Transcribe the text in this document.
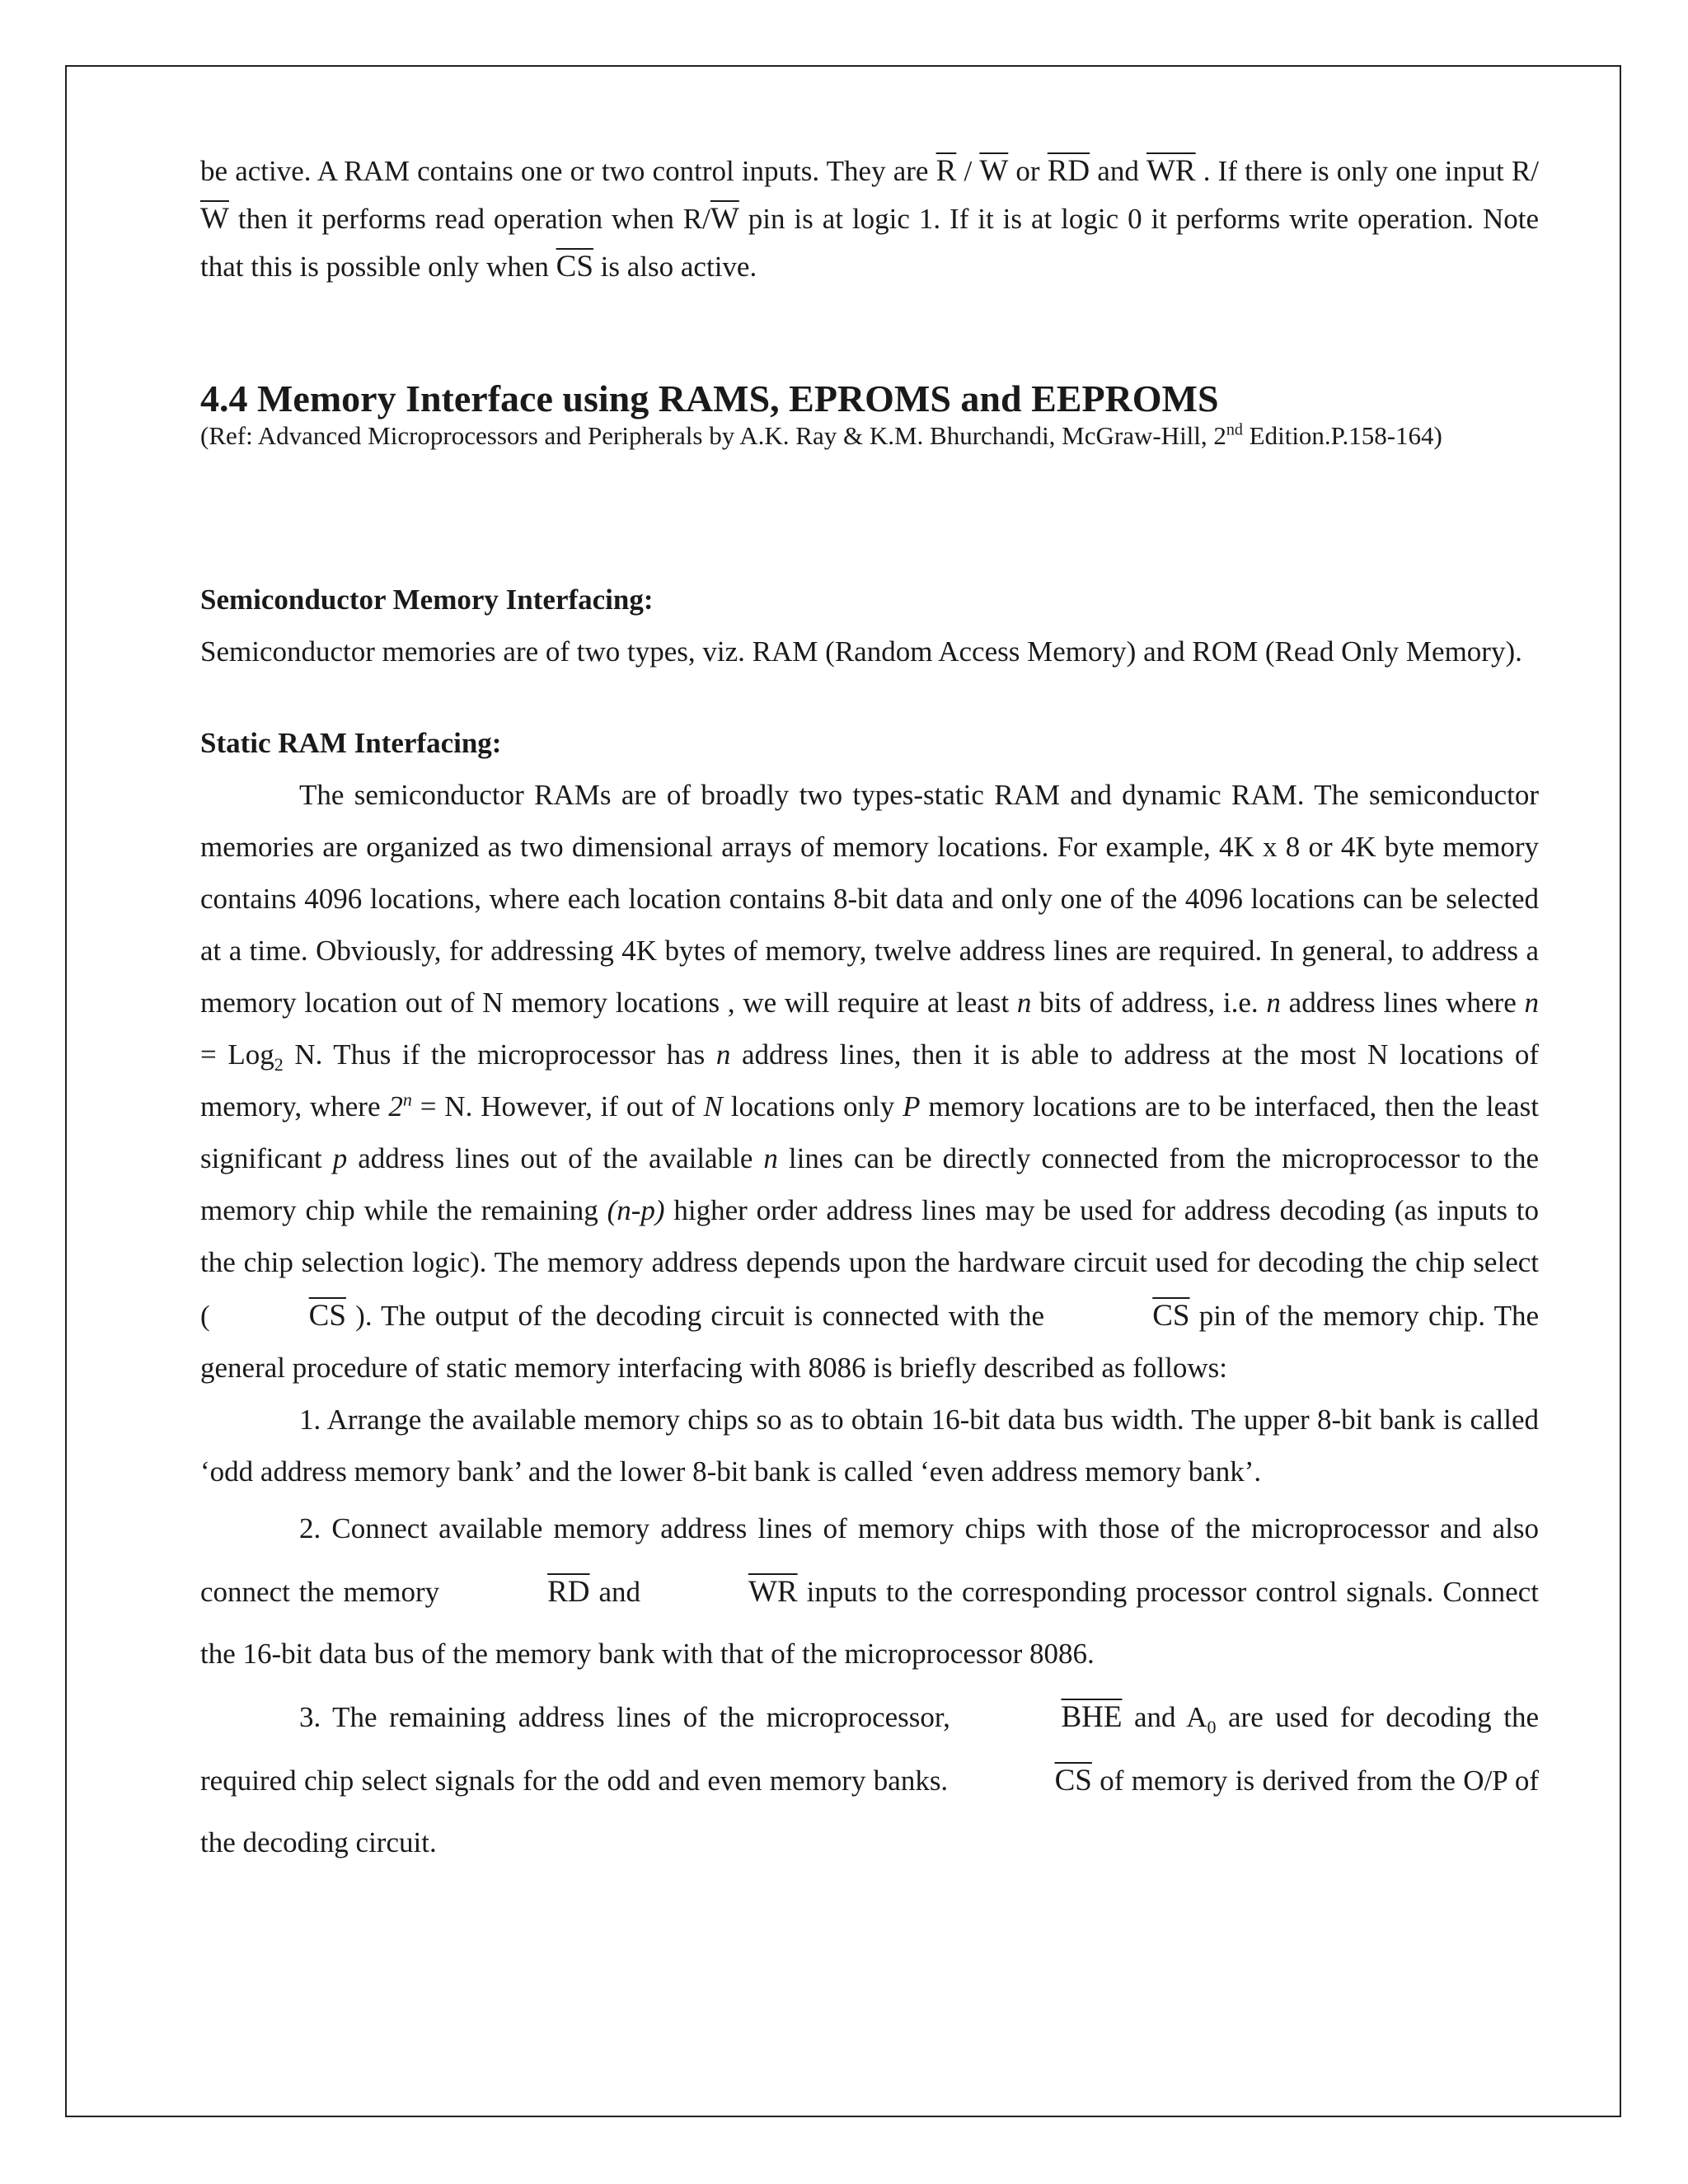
be active. A RAM contains one or two control inputs. They are $\overline{R} / \overline{W}$ or $\overline{RD}$ and $\overline{WR}$ . If there is only one input $R/\overline{W}$ then it performs read operation when $R/\overline{W}$ pin is at logic 1. If it is at logic 0 it performs write operation. Note that this is possible only when $\overline{CS}$ is also active.

4.4 Memory Interface using RAMS, EPROMS and EEPROMS

(Ref: Advanced Microprocessors and Peripherals by A.K. Ray & K.M. Bhurchandi, McGraw-Hill, 2nd Edition.P.158-164)

Semiconductor Memory Interfacing:

Semiconductor memories are of two types, viz. RAM (Random Access Memory) and ROM (Read Only Memory).

Static RAM Interfacing:

The semiconductor RAMs are of broadly two types-static RAM and dynamic RAM. The semiconductor memories are organized as two dimensional arrays of memory locations. For example, 4K x 8 or 4K byte memory contains 4096 locations, where each location contains 8-bit data and only one of the 4096 locations can be selected at a time. Obviously, for addressing 4K bytes of memory, twelve address lines are required. In general, to address a memory location out of N memory locations , we will require at least n bits of address, i.e. n address lines where n = Log$_2$ N. Thus if the microprocessor has n address lines, then it is able to address at the most N locations of memory, where $2^n = N$. However, if out of N locations only P memory locations are to be interfaced, then the least significant p address lines out of the available n lines can be directly connected from the microprocessor to the memory chip while the remaining (n-p) higher order address lines may be used for address decoding (as inputs to the chip selection logic). The memory address depends upon the hardware circuit used for decoding the chip select (	$\overline{CS}$ ). The output of the decoding circuit is connected with the	$\overline{CS}$ pin of the memory chip. The general procedure of static memory interfacing with 8086 is briefly described as follows:

1. Arrange the available memory chips so as to obtain 16-bit data bus width. The upper 8-bit bank is called ‘odd address memory bank’ and the lower 8-bit bank is called ‘even address memory bank’.

2. Connect available memory address lines of memory chips with those of the microprocessor and also connect the memory	$\overline{RD}$ and	$\overline{WR}$ inputs to the corresponding processor control signals. Connect the 16-bit data bus of the memory bank with that of the microprocessor 8086.

3. The remaining address lines of the microprocessor,	$\overline{BHE}$ and $A_0$ are used for decoding the required chip select signals for the odd and even memory banks.	$\overline{CS}$ of memory is derived from the O/P of the decoding circuit.
